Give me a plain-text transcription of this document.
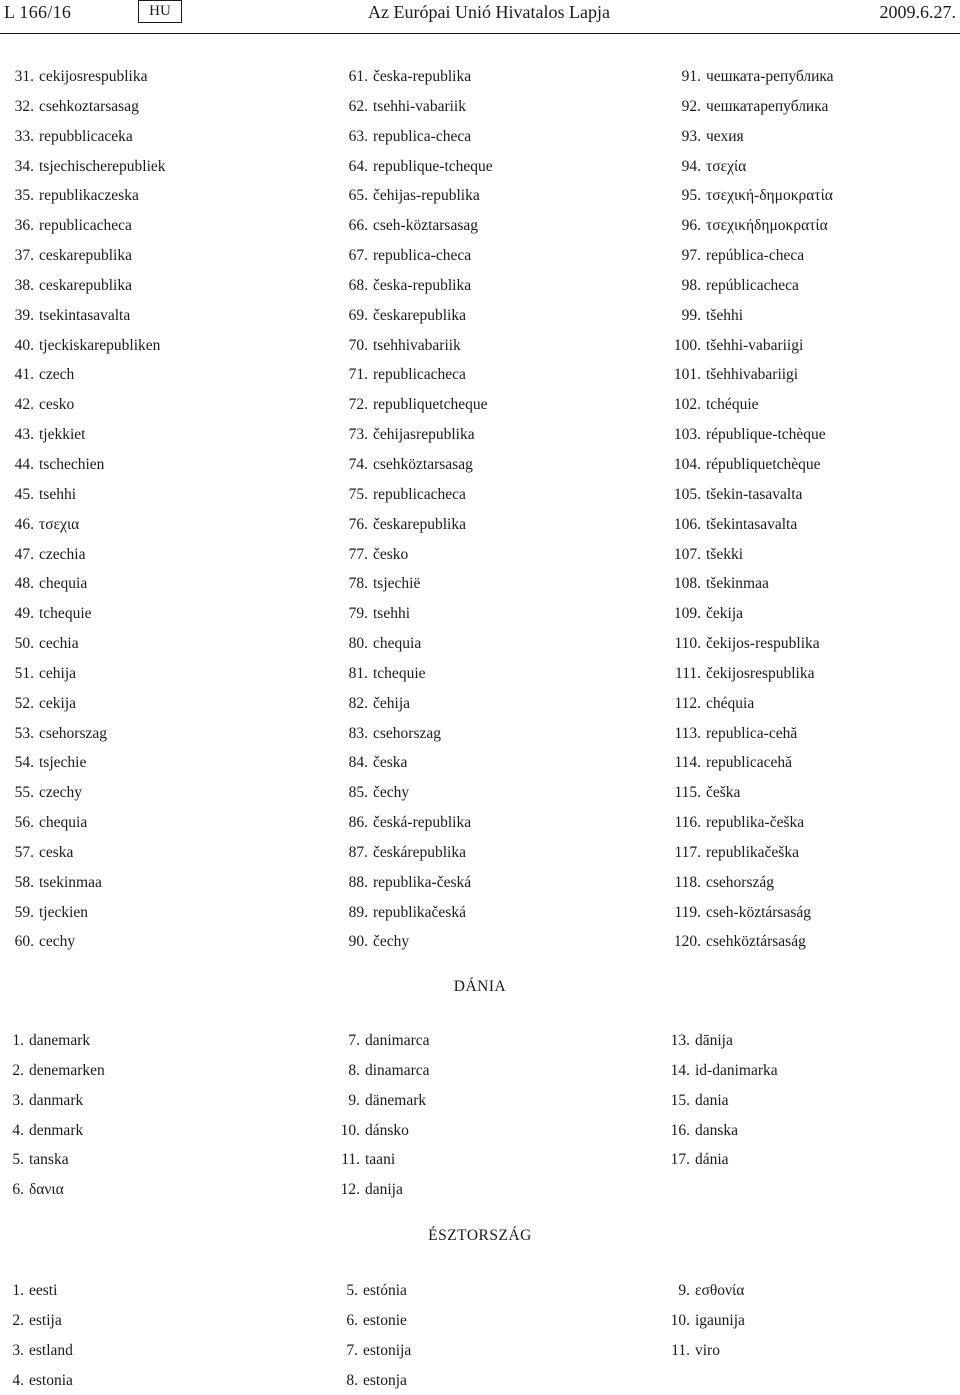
L 166/16	HU	Az Európai Unió Hivatalos Lapja	2009.6.27.
31. cekijosrespublika
32. csehkoztarsasag
33. repubblicaceka
34. tsjechischerepubliek
35. republikaczeska
36. republicacheca
37. ceskarepublika
38. ceskarepublika
39. tsekintasavalta
40. tjeckiskarepubliken
41. czech
42. cesko
43. tjekkiet
44. tschechien
45. tsehhi
46. τσεχια
47. czechia
48. chequia
49. tchequie
50. cechia
51. cehija
52. cekija
53. csehorszag
54. tsjechie
55. czechy
56. chequia
57. ceska
58. tsekinmaa
59. tjeckien
60. cechy
61. česka-republika
62. tsehhi-vabariik
63. republica-checa
64. republique-tcheque
65. čehijas-republika
66. cseh-köztarsasag
67. republica-checa
68. česka-republika
69. českarepublika
70. tsehhivabariik
71. republicacheca
72. republiquetcheque
73. čehijasrepublika
74. csehköztarsasag
75. republicacheca
76. českarepublika
77. česko
78. tsjechië
79. tsehhi
80. chequia
81. tchequie
82. čehija
83. csehorszag
84. česka
85. čechy
86. česká-republika
87. českárepublika
88. republika-česká
89. republikačeská
90. čechy
91. чешката-република
92. чешкатарепублика
93. чехия
94. τσεχία
95. τσεχική-δημοκρατία
96. τσεχικήδημοκρατία
97. república-checa
98. repúblicacheca
99. tšehhi
100. tšehhi-vabariigi
101. tšehhivabariigi
102. tchéquie
103. république-tchèque
104. républiquetchèque
105. tšekin-tasavalta
106. tšekintasavalta
107. tšekki
108. tšekinmaa
109. čekija
110. čekijos-respublika
111. čekijosrespublika
112. chéquia
113. republica-cehă
114. republicacehă
115. češka
116. republika-češka
117. republikačeška
118. csehország
119. cseh-köztársaság
120. csehköztársaság
DÁNIA
1. danemark
2. denemarken
3. danmark
4. denmark
5. tanska
6. δανια
7. danimarca
8. dinamarca
9. dänemark
10. dánsko
11. taani
12. danija
13. dānija
14. id-danimarka
15. dania
16. danska
17. dánia
ÉSZTORSZÁG
1. eesti
2. estija
3. estland
4. estonia
5. estónia
6. estonie
7. estonija
8. estonja
9. εσθονία
10. igaunija
11. viro
